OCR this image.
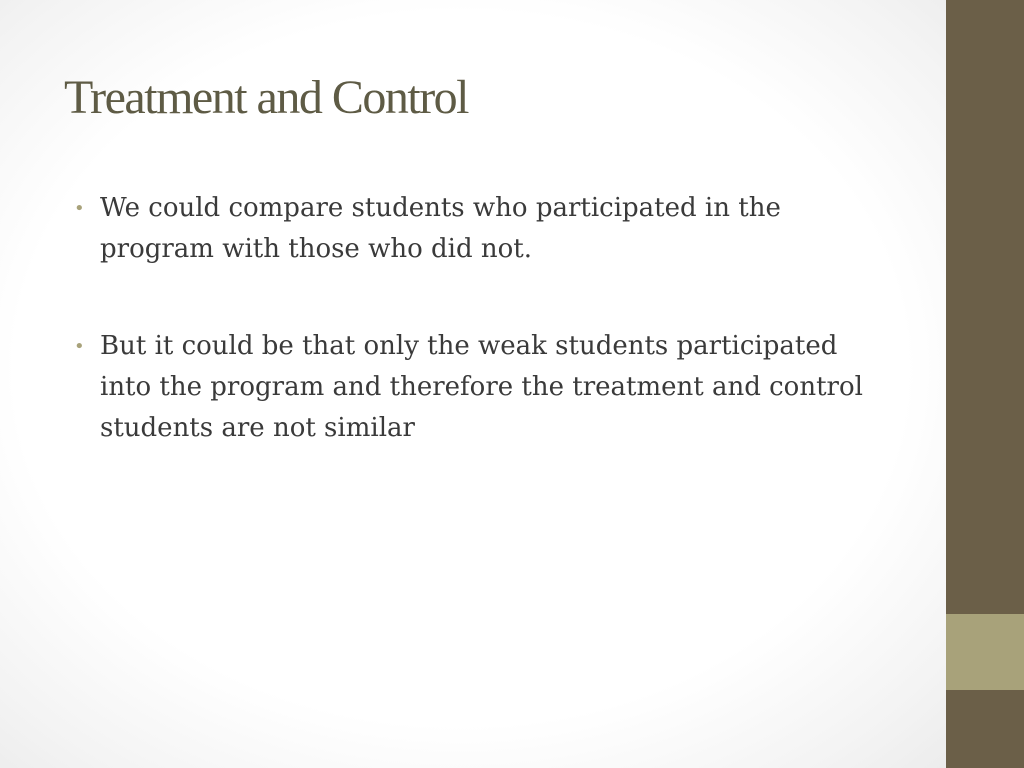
Treatment and Control
• We could compare students who participated in the program with those who did not.
• But it could be that only the weak students participated into the program and therefore the treatment and control students are not similar
